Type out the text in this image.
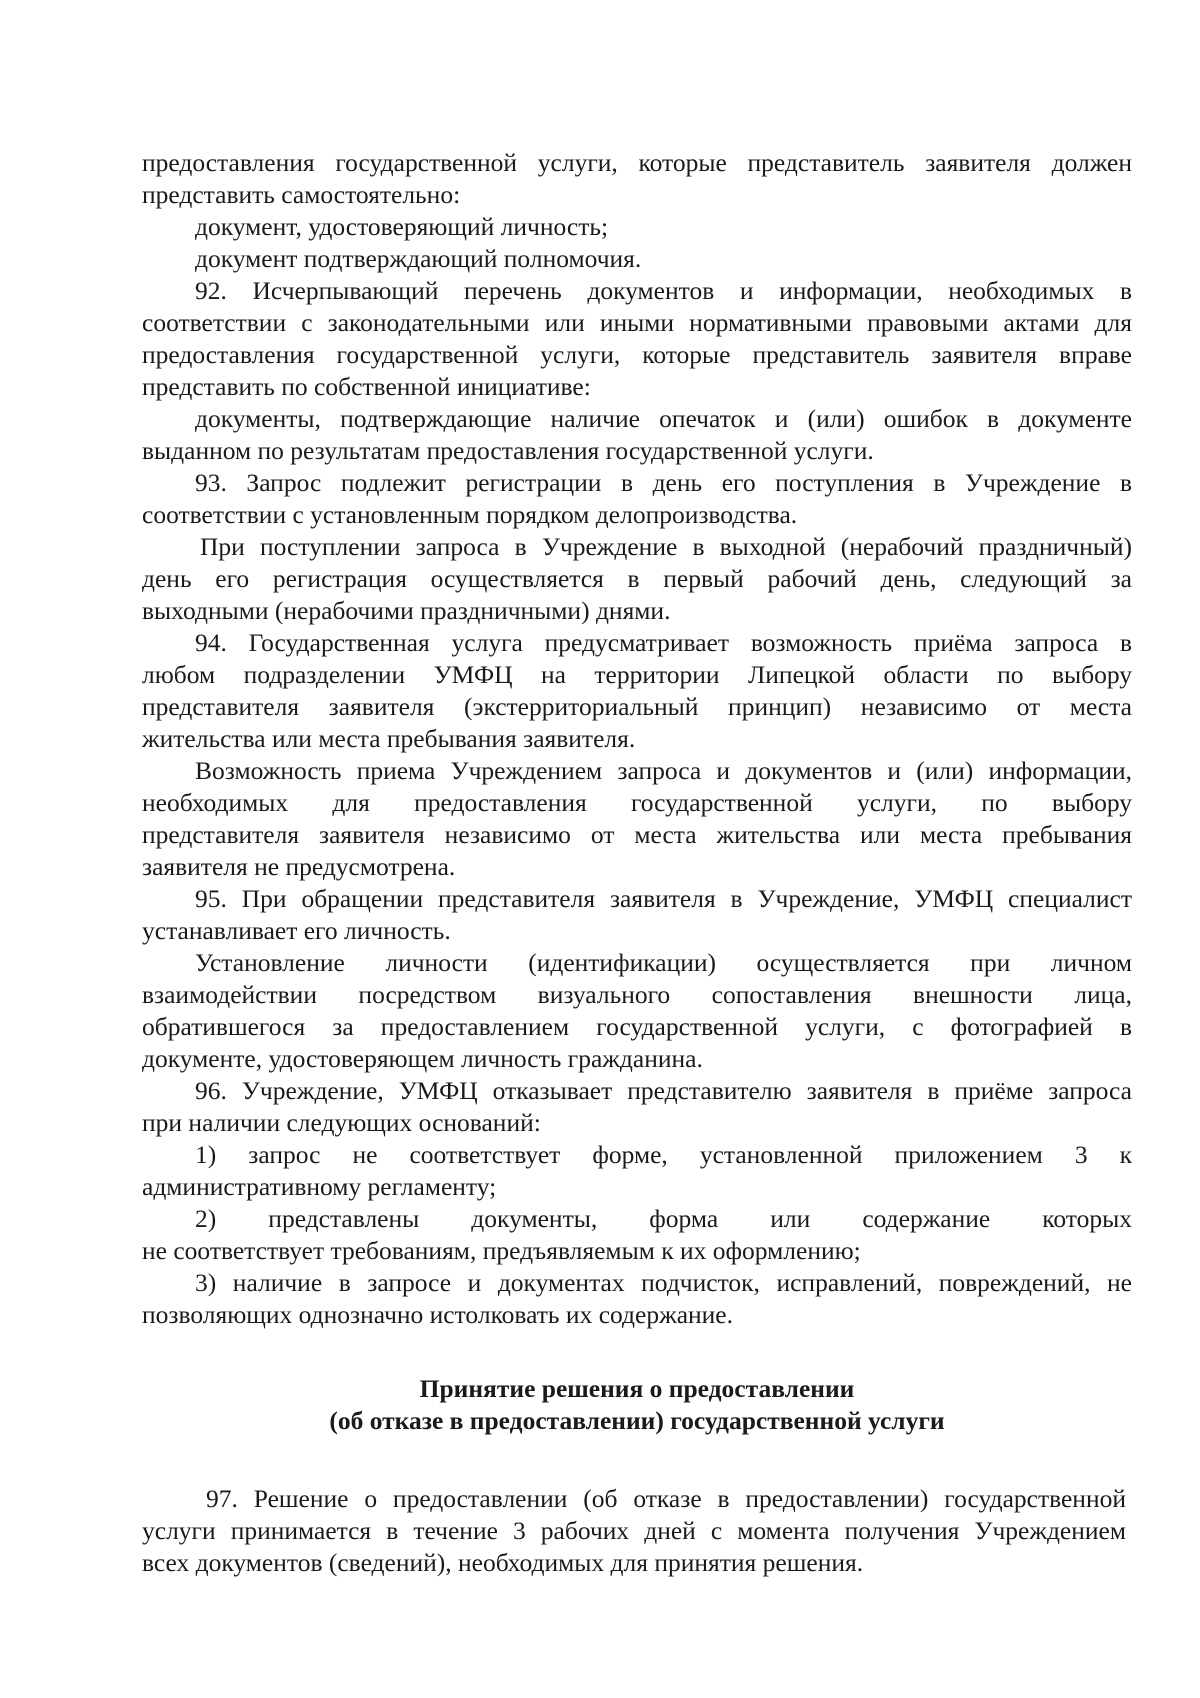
предоставления государственной услуги, которые представитель заявителя должен
представить самостоятельно:
документ, удостоверяющий личность;
документ подтверждающий полномочия.
92. Исчерпывающий перечень документов и информации, необходимых в
соответствии с законодательными или иными нормативными правовыми актами для
предоставления государственной услуги, которые представитель заявителя вправе
представить по собственной инициативе:
документы, подтверждающие наличие опечаток и (или) ошибок в документе
выданном по результатам предоставления государственной услуги.
93. Запрос подлежит регистрации в день его поступления в Учреждение в
соответствии с установленным порядком делопроизводства.
При поступлении запроса в Учреждение в выходной (нерабочий праздничный)
день его регистрация осуществляется в первый рабочий день, следующий за
выходными (нерабочими праздничными) днями.
94. Государственная услуга предусматривает возможность приёма запроса в
любом подразделении УМФЦ на территории Липецкой области по выбору
представителя заявителя (экстерриториальный принцип) независимо от места
жительства или места пребывания заявителя.
Возможность приема Учреждением запроса и документов и (или) информации,
необходимых для предоставления государственной услуги, по выбору
представителя заявителя независимо от места жительства или места пребывания
заявителя не предусмотрена.
95. При обращении представителя заявителя в Учреждение, УМФЦ специалист
устанавливает его личность.
Установление личности (идентификации) осуществляется при личном
взаимодействии посредством визуального сопоставления внешности лица,
обратившегося за предоставлением государственной услуги, с фотографией в
документе, удостоверяющем личность гражданина.
96. Учреждение, УМФЦ отказывает представителю заявителя в приёме запроса
при наличии следующих оснований:
1) запрос не соответствует форме, установленной приложением 3 к
административному регламенту;
2) представлены документы, форма или содержание которых
не соответствует требованиям, предъявляемым к их оформлению;
3) наличие в запросе и документах подчисток, исправлений, повреждений, не
позволяющих однозначно истолковать их содержание.
Принятие решения о предоставлении
(об отказе в предоставлении) государственной услуги
97. Решение о предоставлении (об отказе в предоставлении) государственной
услуги принимается в течение 3 рабочих дней с момента получения Учреждением
всех документов (сведений), необходимых для принятия решения.
